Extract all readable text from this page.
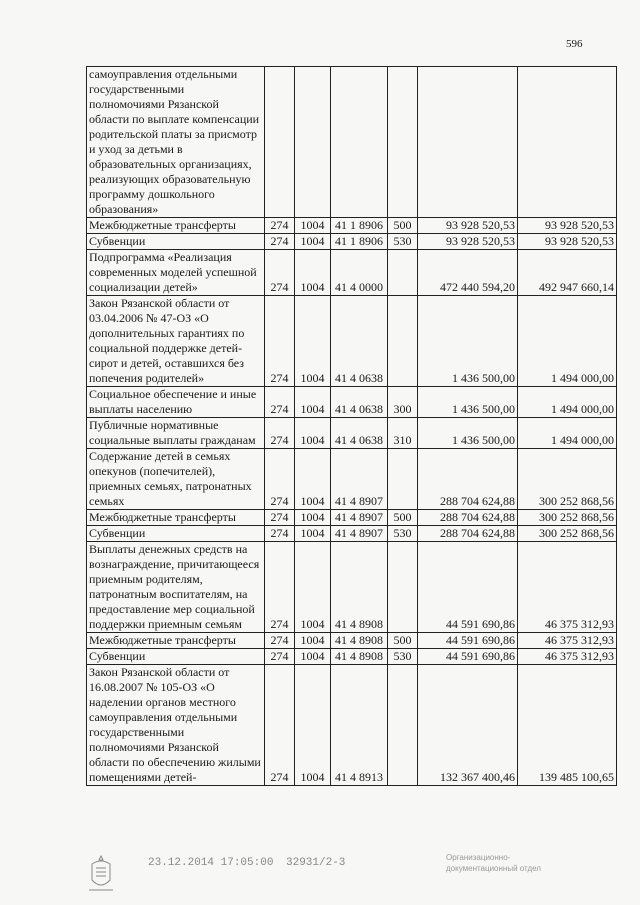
596
самоуправления отдельными государственными полномочиями Рязанской области по выплате компенсации родительской платы за присмотр и уход за детьми в образовательных организациях, реализующих образовательную программу дошкольного образования»						
Межбюджетные трансферты	274	1004	41 1 8906	500	93 928 520,53	93 928 520,53
Субвенции	274	1004	41 1 8906	530	93 928 520,53	93 928 520,53
Подпрограмма «Реализация современных моделей успешной социализации детей»	274	1004	41 4 0000		472 440 594,20	492 947 660,14
Закон Рязанской области от 03.04.2006 № 47-ОЗ «О дополнительных гарантиях по социальной поддержке детей-сирот и детей, оставшихся без попечения родителей»	274	1004	41 4 0638		1 436 500,00	1 494 000,00
Социальное обеспечение и иные выплаты населению	274	1004	41 4 0638	300	1 436 500,00	1 494 000,00
Публичные нормативные социальные выплаты гражданам	274	1004	41 4 0638	310	1 436 500,00	1 494 000,00
Содержание детей в семьях опекунов (попечителей), приемных семьях, патронатных семьях	274	1004	41 4 8907		288 704 624,88	300 252 868,56
Межбюджетные трансферты	274	1004	41 4 8907	500	288 704 624,88	300 252 868,56
Субвенции	274	1004	41 4 8907	530	288 704 624,88	300 252 868,56
Выплаты денежных средств на вознаграждение, причитающееся приемным родителям, патронатным воспитателям, на предоставление мер социальной поддержки приемным семьям	274	1004	41 4 8908		44 591 690,86	46 375 312,93
Межбюджетные трансферты	274	1004	41 4 8908	500	44 591 690,86	46 375 312,93
Субвенции	274	1004	41 4 8908	530	44 591 690,86	46 375 312,93
Закон Рязанской области от 16.08.2007 № 105-ОЗ «О наделении органов местного самоуправления отдельными государственными полномочиями Рязанской области по обеспечению жилыми помещениями детей-	274	1004	41 4 8913		132 367 400,46	139 485 100,65
23.12.2014 17:05:00 32931/2-3	Организационно-
документационный отдел
